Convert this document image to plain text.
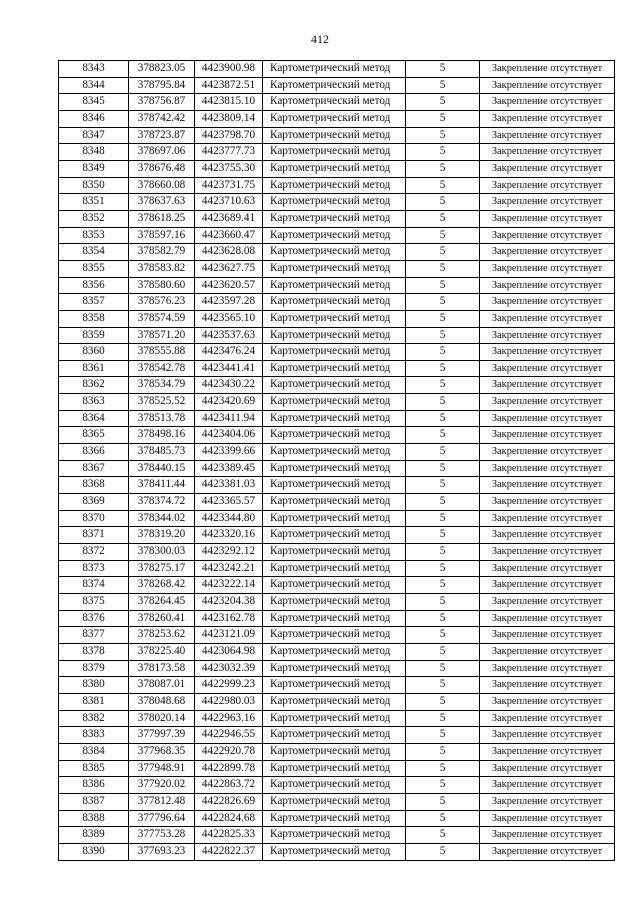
412
8343	378823.05	4423900.98	Картометрический метод	5	Закрепление отсутствует
8344	378795.84	4423872.51	Картометрический метод	5	Закрепление отсутствует
8345	378756.87	4423815.10	Картометрический метод	5	Закрепление отсутствует
8346	378742.42	4423809.14	Картометрический метод	5	Закрепление отсутствует
8347	378723.87	4423798.70	Картометрический метод	5	Закрепление отсутствует
8348	378697.06	4423777.73	Картометрический метод	5	Закрепление отсутствует
8349	378676.48	4423755.30	Картометрический метод	5	Закрепление отсутствует
8350	378660.08	4423731.75	Картометрический метод	5	Закрепление отсутствует
8351	378637.63	4423710.63	Картометрический метод	5	Закрепление отсутствует
8352	378618.25	4423689.41	Картометрический метод	5	Закрепление отсутствует
8353	378597.16	4423660.47	Картометрический метод	5	Закрепление отсутствует
8354	378582.79	4423628.08	Картометрический метод	5	Закрепление отсутствует
8355	378583.82	4423627.75	Картометрический метод	5	Закрепление отсутствует
8356	378580.60	4423620.57	Картометрический метод	5	Закрепление отсутствует
8357	378576.23	4423597.28	Картометрический метод	5	Закрепление отсутствует
8358	378574.59	4423565.10	Картометрический метод	5	Закрепление отсутствует
8359	378571.20	4423537.63	Картометрический метод	5	Закрепление отсутствует
8360	378555.88	4423476.24	Картометрический метод	5	Закрепление отсутствует
8361	378542.78	4423441.41	Картометрический метод	5	Закрепление отсутствует
8362	378534.79	4423430.22	Картометрический метод	5	Закрепление отсутствует
8363	378525.52	4423420.69	Картометрический метод	5	Закрепление отсутствует
8364	378513.78	4423411.94	Картометрический метод	5	Закрепление отсутствует
8365	378498.16	4423404.06	Картометрический метод	5	Закрепление отсутствует
8366	378485.73	4423399.66	Картометрический метод	5	Закрепление отсутствует
8367	378440.15	4423389.45	Картометрический метод	5	Закрепление отсутствует
8368	378411.44	4423381.03	Картометрический метод	5	Закрепление отсутствует
8369	378374.72	4423365.57	Картометрический метод	5	Закрепление отсутствует
8370	378344.02	4423344.80	Картометрический метод	5	Закрепление отсутствует
8371	378319.20	4423320.16	Картометрический метод	5	Закрепление отсутствует
8372	378300.03	4423292.12	Картометрический метод	5	Закрепление отсутствует
8373	378275.17	4423242.21	Картометрический метод	5	Закрепление отсутствует
8374	378268.42	4423222.14	Картометрический метод	5	Закрепление отсутствует
8375	378264.45	4423204.38	Картометрический метод	5	Закрепление отсутствует
8376	378260.41	4423162.78	Картометрический метод	5	Закрепление отсутствует
8377	378253.62	4423121.09	Картометрический метод	5	Закрепление отсутствует
8378	378225.40	4423064.98	Картометрический метод	5	Закрепление отсутствует
8379	378173.58	4423032.39	Картометрический метод	5	Закрепление отсутствует
8380	378087.01	4422999.23	Картометрический метод	5	Закрепление отсутствует
8381	378048.68	4422980.03	Картометрический метод	5	Закрепление отсутствует
8382	378020.14	4422963.16	Картометрический метод	5	Закрепление отсутствует
8383	377997.39	4422946.55	Картометрический метод	5	Закрепление отсутствует
8384	377968.35	4422920.78	Картометрический метод	5	Закрепление отсутствует
8385	377948.91	4422899.78	Картометрический метод	5	Закрепление отсутствует
8386	377920.02	4422863.72	Картометрический метод	5	Закрепление отсутствует
8387	377812.48	4422826.69	Картометрический метод	5	Закрепление отсутствует
8388	377796.64	4422824.68	Картометрический метод	5	Закрепление отсутствует
8389	377753.28	4422825.33	Картометрический метод	5	Закрепление отсутствует
8390	377693.23	4422822.37	Картометрический метод	5	Закрепление отсутствует
